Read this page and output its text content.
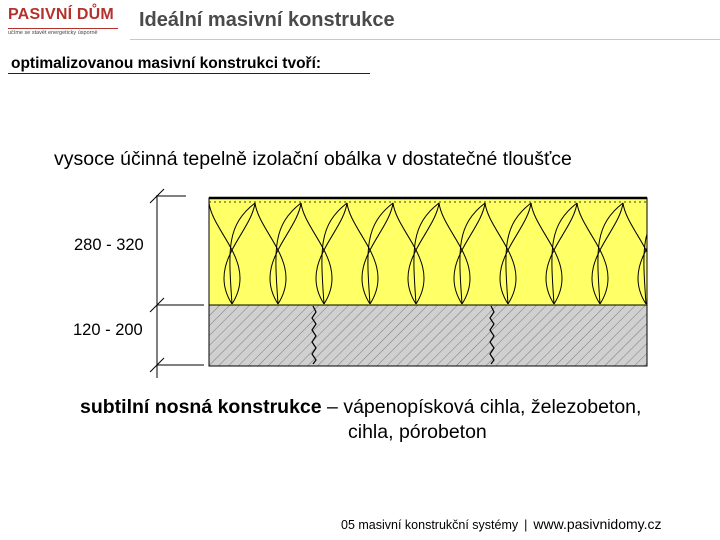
PASIVNÍ DŮM
učíme se stavět energeticky úsporně
Ideální masivní konstrukce
optimalizovanou masivní konstrukci tvoří:
vysoce účinná tepelně izolační obálka v dostatečné tloušťce
280 - 320
120 - 200
subtilní nosná konstrukce – vápenopísková cihla, železobeton,
cihla, pórobeton
05 masivní konstrukční systémy | www.pasivnidomy.cz
